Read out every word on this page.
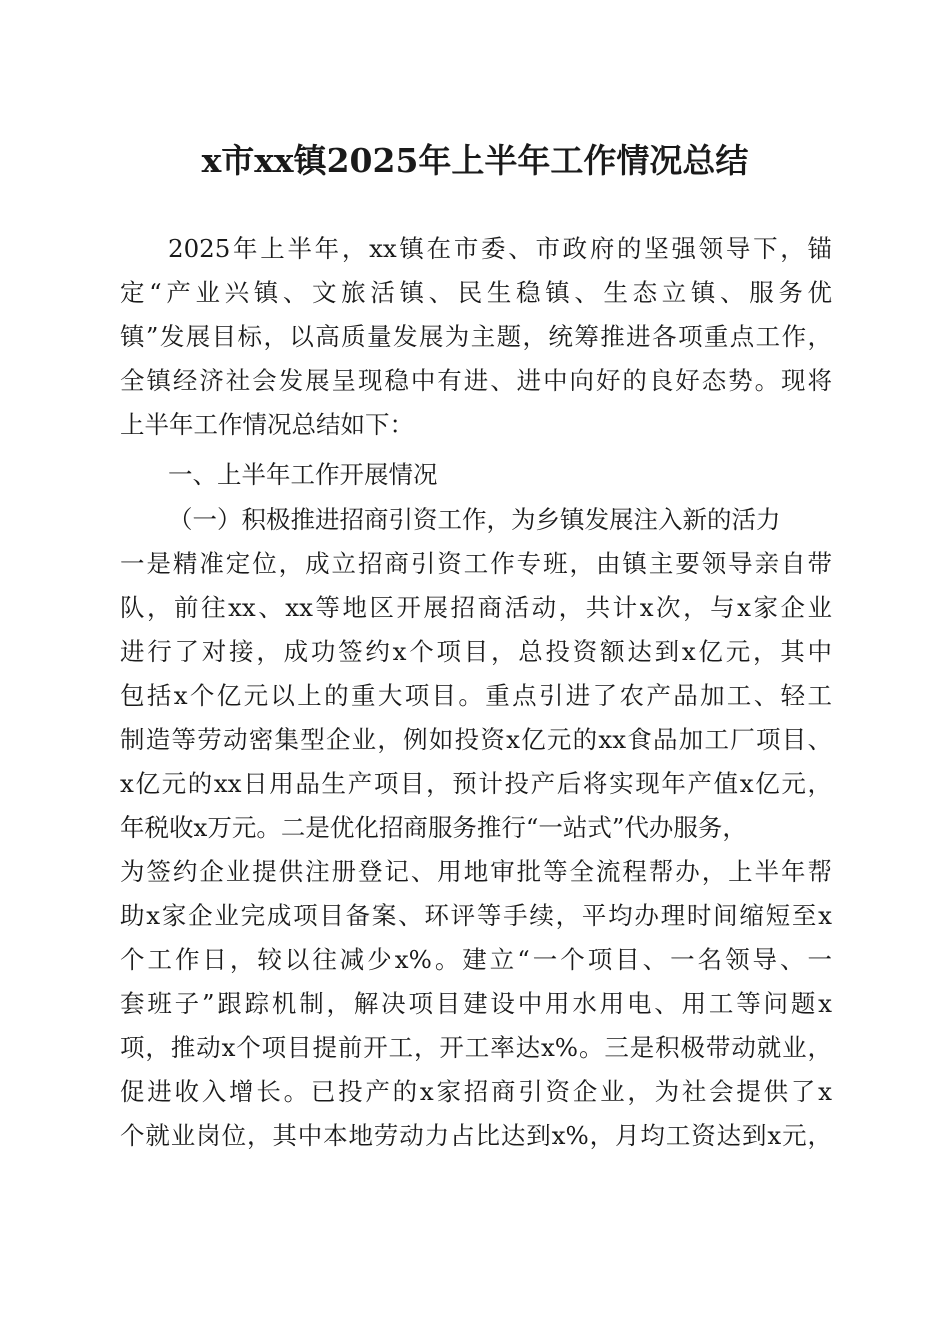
x市xx镇2025年上半年工作情况总结
2025年上半年，xx镇在市委、市政府的坚强领导下，锚
定“产业兴镇、文旅活镇、民生稳镇、生态立镇、服务优
镇”发展目标，以高质量发展为主题，统筹推进各项重点工作，
全镇经济社会发展呈现稳中有进、进中向好的良好态势。现将
上半年工作情况总结如下：
一、上半年工作开展情况
（一）积极推进招商引资工作，为乡镇发展注入新的活力
一是精准定位，成立招商引资工作专班，由镇主要领导亲自带
队，前往xx、xx等地区开展招商活动，共计x次，与x家企业
进行了对接，成功签约x个项目，总投资额达到x亿元，其中
包括x个亿元以上的重大项目。重点引进了农产品加工、轻工
制造等劳动密集型企业，例如投资x亿元的xx食品加工厂项目、
x亿元的xx日用品生产项目，预计投产后将实现年产值x亿元，
年税收x万元。二是优化招商服务推行“一站式”代办服务，
为签约企业提供注册登记、用地审批等全流程帮办，上半年帮
助x家企业完成项目备案、环评等手续，平均办理时间缩短至x
个工作日，较以往减少x%。建立“一个项目、一名领导、一
套班子”跟踪机制，解决项目建设中用水用电、用工等问题x
项，推动x个项目提前开工，开工率达x%。三是积极带动就业，
促进收入增长。已投产的x家招商引资企业，为社会提供了x
个就业岗位，其中本地劳动力占比达到x%，月均工资达到x元，
